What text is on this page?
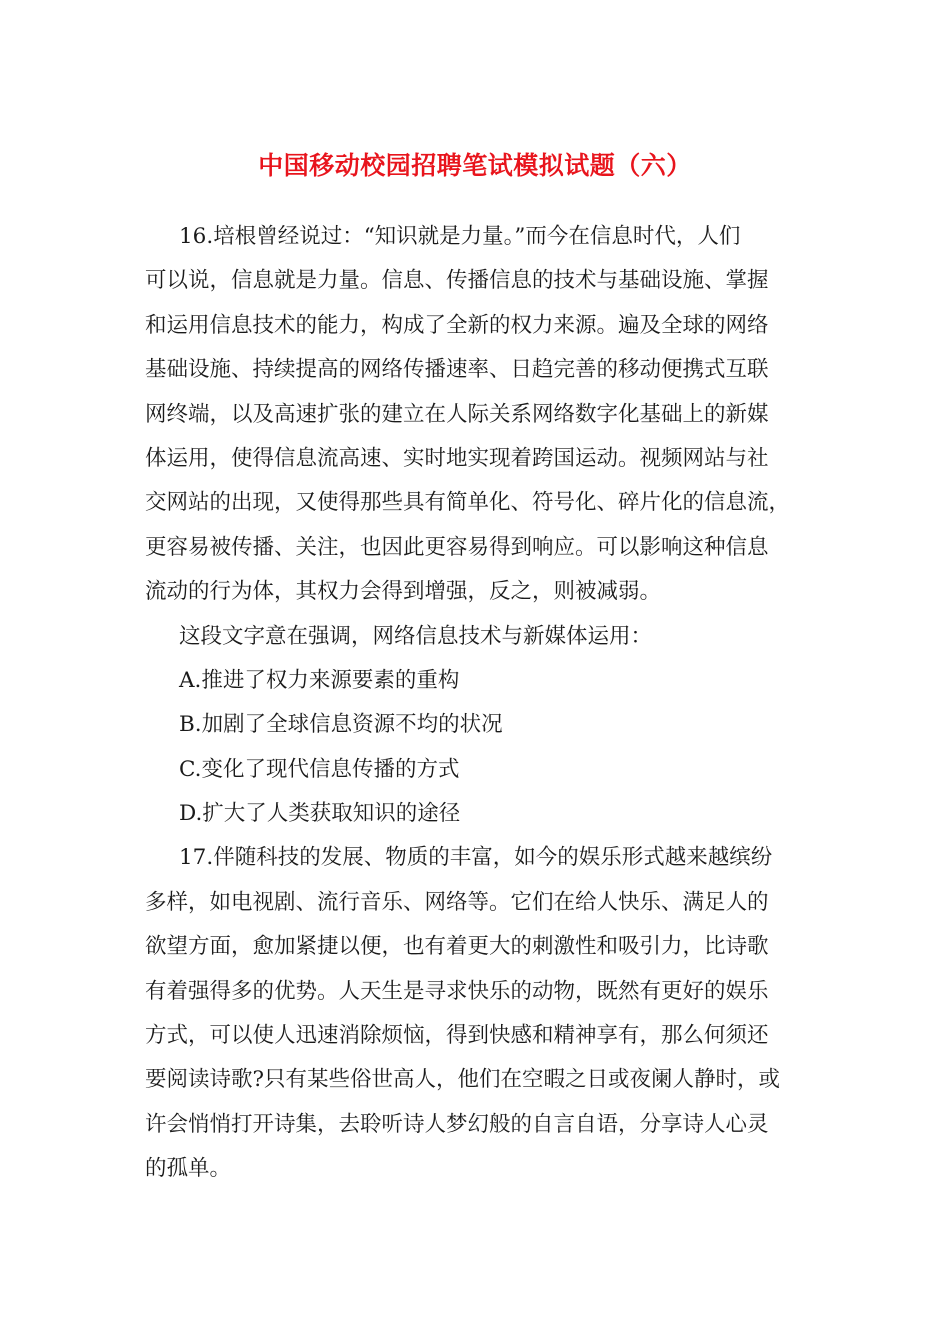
中国移动校园招聘笔试模拟试题（六）
16.培根曾经说过：“知识就是力量。”而今在信息时代，人们
可以说，信息就是力量。信息、传播信息的技术与基础设施、掌握
和运用信息技术的能力，构成了全新的权力来源。遍及全球的网络
基础设施、持续提高的网络传播速率、日趋完善的移动便携式互联
网终端，以及高速扩张的建立在人际关系网络数字化基础上的新媒
体运用，使得信息流高速、实时地实现着跨国运动。视频网站与社
交网站的出现，又使得那些具有简单化、符号化、碎片化的信息流，
更容易被传播、关注，也因此更容易得到响应。可以影响这种信息
流动的行为体，其权力会得到增强，反之，则被减弱。
这段文字意在强调，网络信息技术与新媒体运用：
A.推进了权力来源要素的重构
B.加剧了全球信息资源不均的状况
C.变化了现代信息传播的方式
D.扩大了人类获取知识的途径
17.伴随科技的发展、物质的丰富，如今的娱乐形式越来越缤纷
多样，如电视剧、流行音乐、网络等。它们在给人快乐、满足人的
欲望方面，愈加紧捷以便，也有着更大的刺激性和吸引力，比诗歌
有着强得多的优势。人天生是寻求快乐的动物，既然有更好的娱乐
方式，可以使人迅速消除烦恼，得到快感和精神享有，那么何须还
要阅读诗歌?只有某些俗世高人，他们在空暇之日或夜阑人静时，或
许会悄悄打开诗集，去聆听诗人梦幻般的自言自语，分享诗人心灵
的孤单。
